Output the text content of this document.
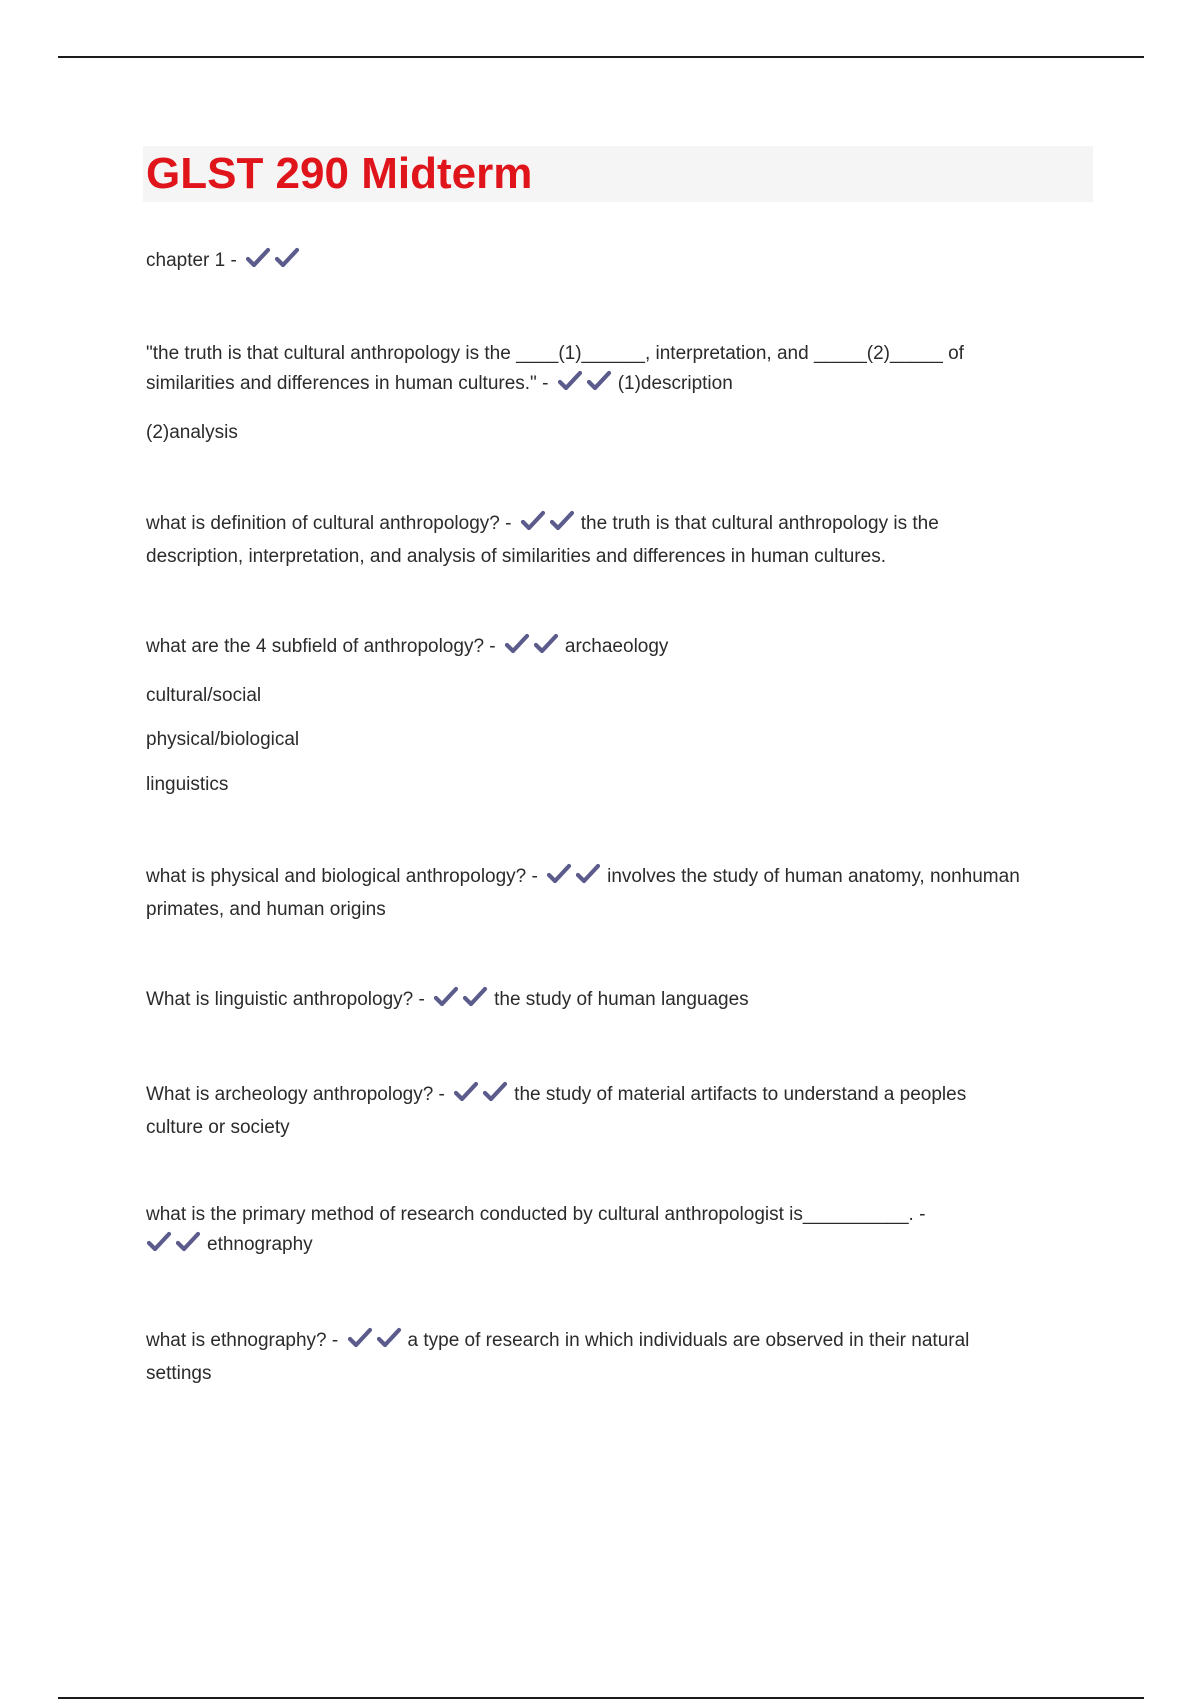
GLST 290 Midterm
chapter 1 -
"the truth is that cultural anthropology is the ____(1)______, interpretation, and _____(2)_____ of
similarities and differences in human cultures." -	(1)description
(2)analysis
what is definition of cultural anthropology? -	the truth is that cultural anthropology is the
description, interpretation, and analysis of similarities and differences in human cultures.
what are the 4 subfield of anthropology? -	archaeology
cultural/social
physical/biological
linguistics
what is physical and biological anthropology? -	involves the study of human anatomy, nonhuman
primates, and human origins
What is linguistic anthropology? -	the study of human languages
What is archeology anthropology? -	the study of material artifacts to understand a peoples
culture or society
what is the primary method of research conducted by cultural anthropologist is__________. -
ethnography
what is ethnography? -	a type of research in which individuals are observed in their natural
settings
